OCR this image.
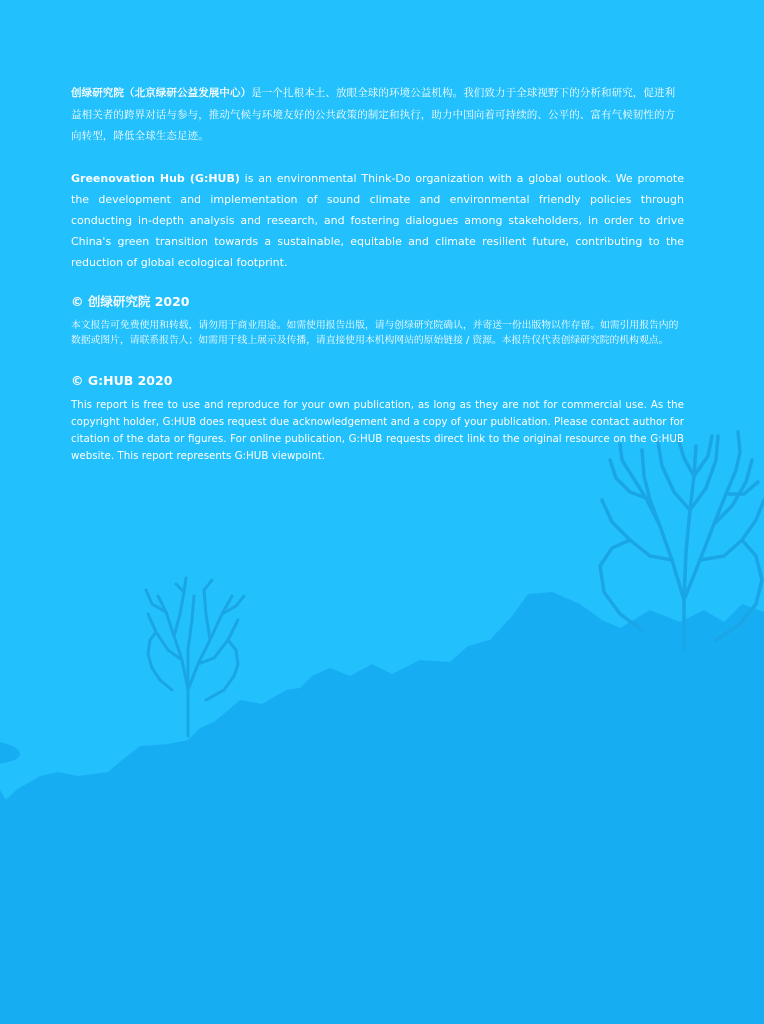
创绿研究院（北京绿研公益发展中心）是一个扎根本土、放眼全球的环境公益机构。我们致力于全球视野下的分析和研究，促进利益相关者的跨界对话与参与，推动气候与环境友好的公共政策的制定和执行，助力中国向着可持续的、公平的、富有气候韧性的方向转型，降低全球生态足迹。

Greenovation Hub (G:HUB) is an environmental Think-Do organization with a global outlook. We promote the development and implementation of sound climate and environmental friendly policies through conducting in-depth analysis and research, and fostering dialogues among stakeholders, in order to drive China's green transition towards a sustainable, equitable and climate resilient future, contributing to the reduction of global ecological footprint.

© 创绿研究院 2020

本文报告可免费使用和转载，请勿用于商业用途。如需使用报告出版，请与创绿研究院确认，并寄送一份出版物以作存留。如需引用报告内的数据或图片，请联系报告人；如需用于线上展示及传播，请直接使用本机构网站的原始链接 / 资源。本报告仅代表创绿研究院的机构观点。

© G:HUB 2020

This report is free to use and reproduce for your own publication, as long as they are not for commercial use. As the copyright holder, G:HUB does request due acknowledgement and a copy of your publication. Please contact author for citation of the data or figures. For online publication, G:HUB requests direct link to the original resource on the G:HUB website. This report represents G:HUB viewpoint.
